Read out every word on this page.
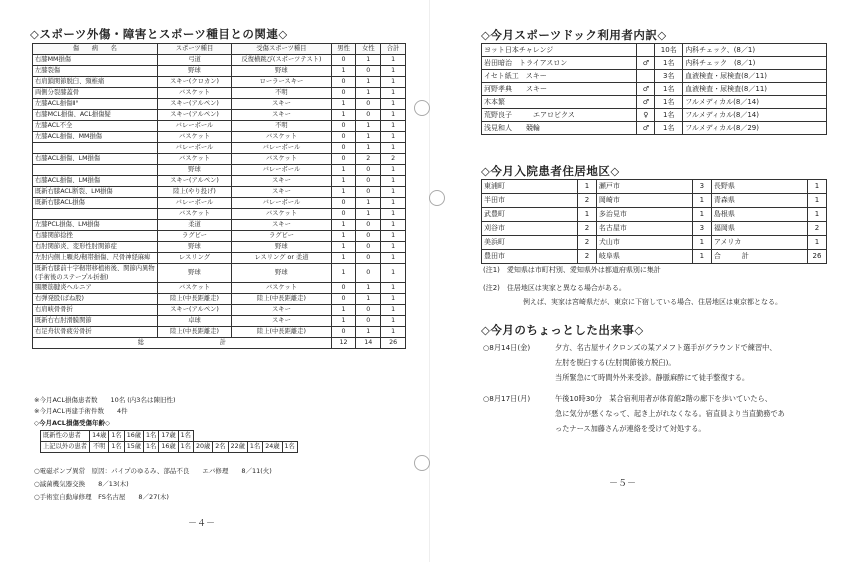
◇スポーツ外傷・障害とスポーツ種目との関連◇
傷　　病　　名	スポーツ種目	受傷スポーツ種目	男性	女性	合計
右膝MM損傷	弓道	反復横跳び(スポーツテスト)	0	1	1
左膝裂傷	野球	野球	1	0	1
右肩鎖関節脱臼、頸椎痛	スキー(クロカン)	ローラースキー	0	1	1
両側分裂膝蓋骨	バスケット	不明	0	1	1
左膝ACL損傷Ⅱ°	スキー(アルペン)	スキー	1	0	1
右膝MCL損傷、ACL損傷疑	スキー(アルペン)	スキー	1	0	1
左膝ACL不全	バレーボール	不明	0	1	1
左膝ACL損傷、MM損傷	バスケット	バスケット	0	1	1
	バレーボール	バレーボール	0	1	1
右膝ACL損傷、LM損傷	バスケット	バスケット	0	2	2
	野球	バレーボール	1	0	1
右膝ACL損傷、LM損傷	スキー(アルペン)	スキー	1	0	1
既新右膝ACL断裂、LM損傷	陸上(やり投げ)	スキー	1	0	1
既新右膝ACL損傷	バレーボール	バレーボール	0	1	1
	バスケット	バスケット	0	1	1
左膝PCL損傷、LM損傷	柔道	スキー	1	0	1
右膝関節捻挫	ラグビー	ラグビー	1	0	1
右肘関節炎、変形性肘関節症	野球	野球	1	0	1
左肘内側上顆炎/靭帯損傷、尺骨神経麻痺	レスリング	レスリング or 柔道	1	0	1
既新右膝前十字靭帯移植術後、関節内異物(手術後のステープル折損)	野球	野球	1	0	1
腸腰筋腱炎ヘルニア	バスケット	バスケット	0	1	1
右弾発股(ばね股)	陸上(中長距離走)	陸上(中長距離走)	0	1	1
右肩峡骨骨折	スキー(アルペン)	スキー	1	0	1
既新右右肘滑膜関節	卓球	スキー	1	0	1
右足舟状骨疲労骨折	陸上(中長距離走)	陸上(中長距離走)	0	1	1
総　　　　　　　　　　　　計			12	14	26
※今月ACL損傷患者数　　10名 (内3名は陳旧性)
※今月ACL再建手術件数　　4件
◇今月ACL損傷受傷年齢◇
既新性の患者	14歳	1名	16歳	1名	17歳	1名						
上記以外の患者	不明	1名	15歳	1名	16歳	1名	20歳	2名	22歳	1名	24歳	1名
○電磁ポンプ異常　原因：パイプのゆるみ、部品不良　　エバ修理　　8／11(火)
○滅菌機気器交換　　8／13(木)
○手術室自動扉修理　FS名古屋　　8／27(木)
－４－
◇今月スポーツドック利用者内訳◇
ヨット日本チャレンジ		10名	内科チェック、(8／1)
岩田暗治　トライアスロン	♂	1名	内科チェック　(8／1)
イセト紙工　スキー		3名	血液検査・尿検査(8／11)
河野孝典　　スキー	♂	1名	血液検査・尿検査(8／11)
木本繁	♂	1名	フルメディカル(8／14)
荒野良子　　　エアロビクス	♀	1名	フルメディカル(8／14)
浅見和人　　競輪	♂	1名	フルメディカル(8／29)
◇今月入院患者住居地区◇
東浦町	1	瀬戸市	3	長野県	1
半田市	2	岡崎市	1	青森県	1
武豊町	1	多治見市	1	島根県	1
刈谷市	2	名古屋市	3	福岡県	2
美浜町	2	犬山市	1	アメリカ	1
豊田市	2	岐阜県	1	合　　　計	26
(注1)　愛知県は市町村別、愛知県外は都道府県別に集計
(注2)　住居地区は実家と異なる場合がある。
例えば、実家は宮崎県だが、東京に下宿している場合、住居地区は東京都となる。
◇今月のちょっとした出来事◇
○8月14日(金)	夕方、名古屋サイクロンズの某アメフト選手がグラウンドで練習中、
左肘を脱臼する(左肘関節後方脱臼)。
当所緊急にて時間外外来受診。静脈麻酔にて徒手整復する。
○8月17日(月)	午後10時30分　某合宿利用者が体育館2階の廊下を歩いていたら、
急に気分が悪くなって、起き上がれなくなる。宿直員より当直勤務であ
ったナース加藤さんが連絡を受けて対処する。
－５－
